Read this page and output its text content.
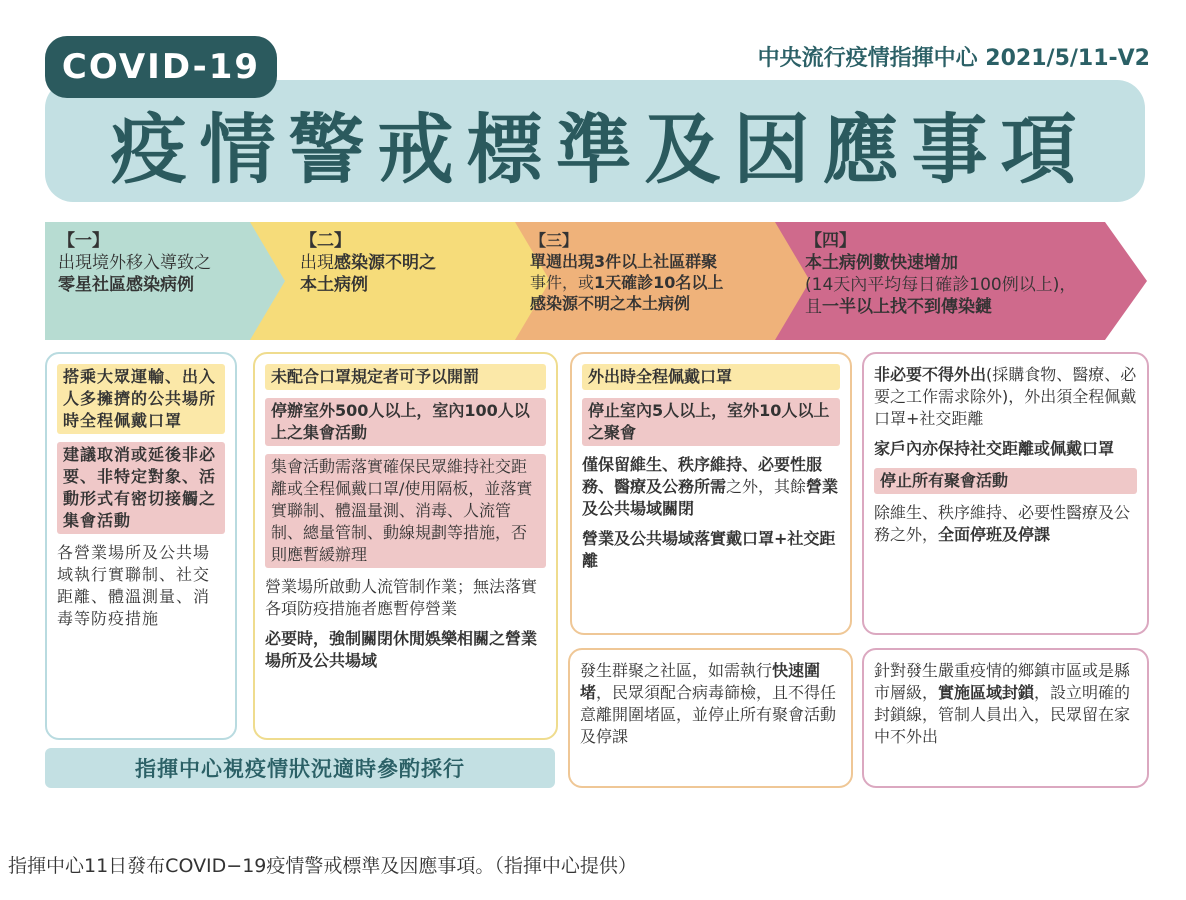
COVID-19	中央流行疫情指揮中心 2021/5/11-V2
疫情警戒標準及因應事項
【一】
出現境外移入導致之
零星社區感染病例
【二】
出現感染源不明之
本土病例
【三】
單週出現3件以上社區群聚
事件，或1天確診10名以上
感染源不明之本土病例
【四】
本土病例數快速增加
(14天內平均每日確診100例以上)，
且一半以上找不到傳染鏈
搭乘大眾運輸、出入人多擁擠的公共場所時全程佩戴口罩
建議取消或延後非必要、非特定對象、活動形式有密切接觸之集會活動
各營業場所及公共場域執行實聯制、社交距離、體溫測量、消毒等防疫措施
未配合口罩規定者可予以開罰
停辦室外500人以上，室內100人以上之集會活動
集會活動需落實確保民眾維持社交距離或全程佩戴口罩/使用隔板，並落實實聯制、體溫量測、消毒、人流管制、總量管制、動線規劃等措施，否則應暫緩辦理
營業場所啟動人流管制作業；無法落實各項防疫措施者應暫停營業
必要時，強制關閉休閒娛樂相關之營業場所及公共場域
外出時全程佩戴口罩
停止室內5人以上，室外10人以上之聚會
僅保留維生、秩序維持、必要性服務、醫療及公務所需之外，其餘營業及公共場域關閉
營業及公共場域落實戴口罩+社交距離
發生群聚之社區，如需執行快速圍堵，民眾須配合病毒篩檢，且不得任意離開圍堵區，並停止所有聚會活動及停課
非必要不得外出(採購食物、醫療、必要之工作需求除外)，外出須全程佩戴口罩+社交距離
家戶內亦保持社交距離或佩戴口罩
停止所有聚會活動
除維生、秩序維持、必要性醫療及公務之外，全面停班及停課
針對發生嚴重疫情的鄉鎮市區或是縣市層級，實施區域封鎖，設立明確的封鎖線，管制人員出入，民眾留在家中不外出
指揮中心視疫情狀況適時參酌採行
指揮中心11日發布COVID−19疫情警戒標準及因應事項。（指揮中心提供）
